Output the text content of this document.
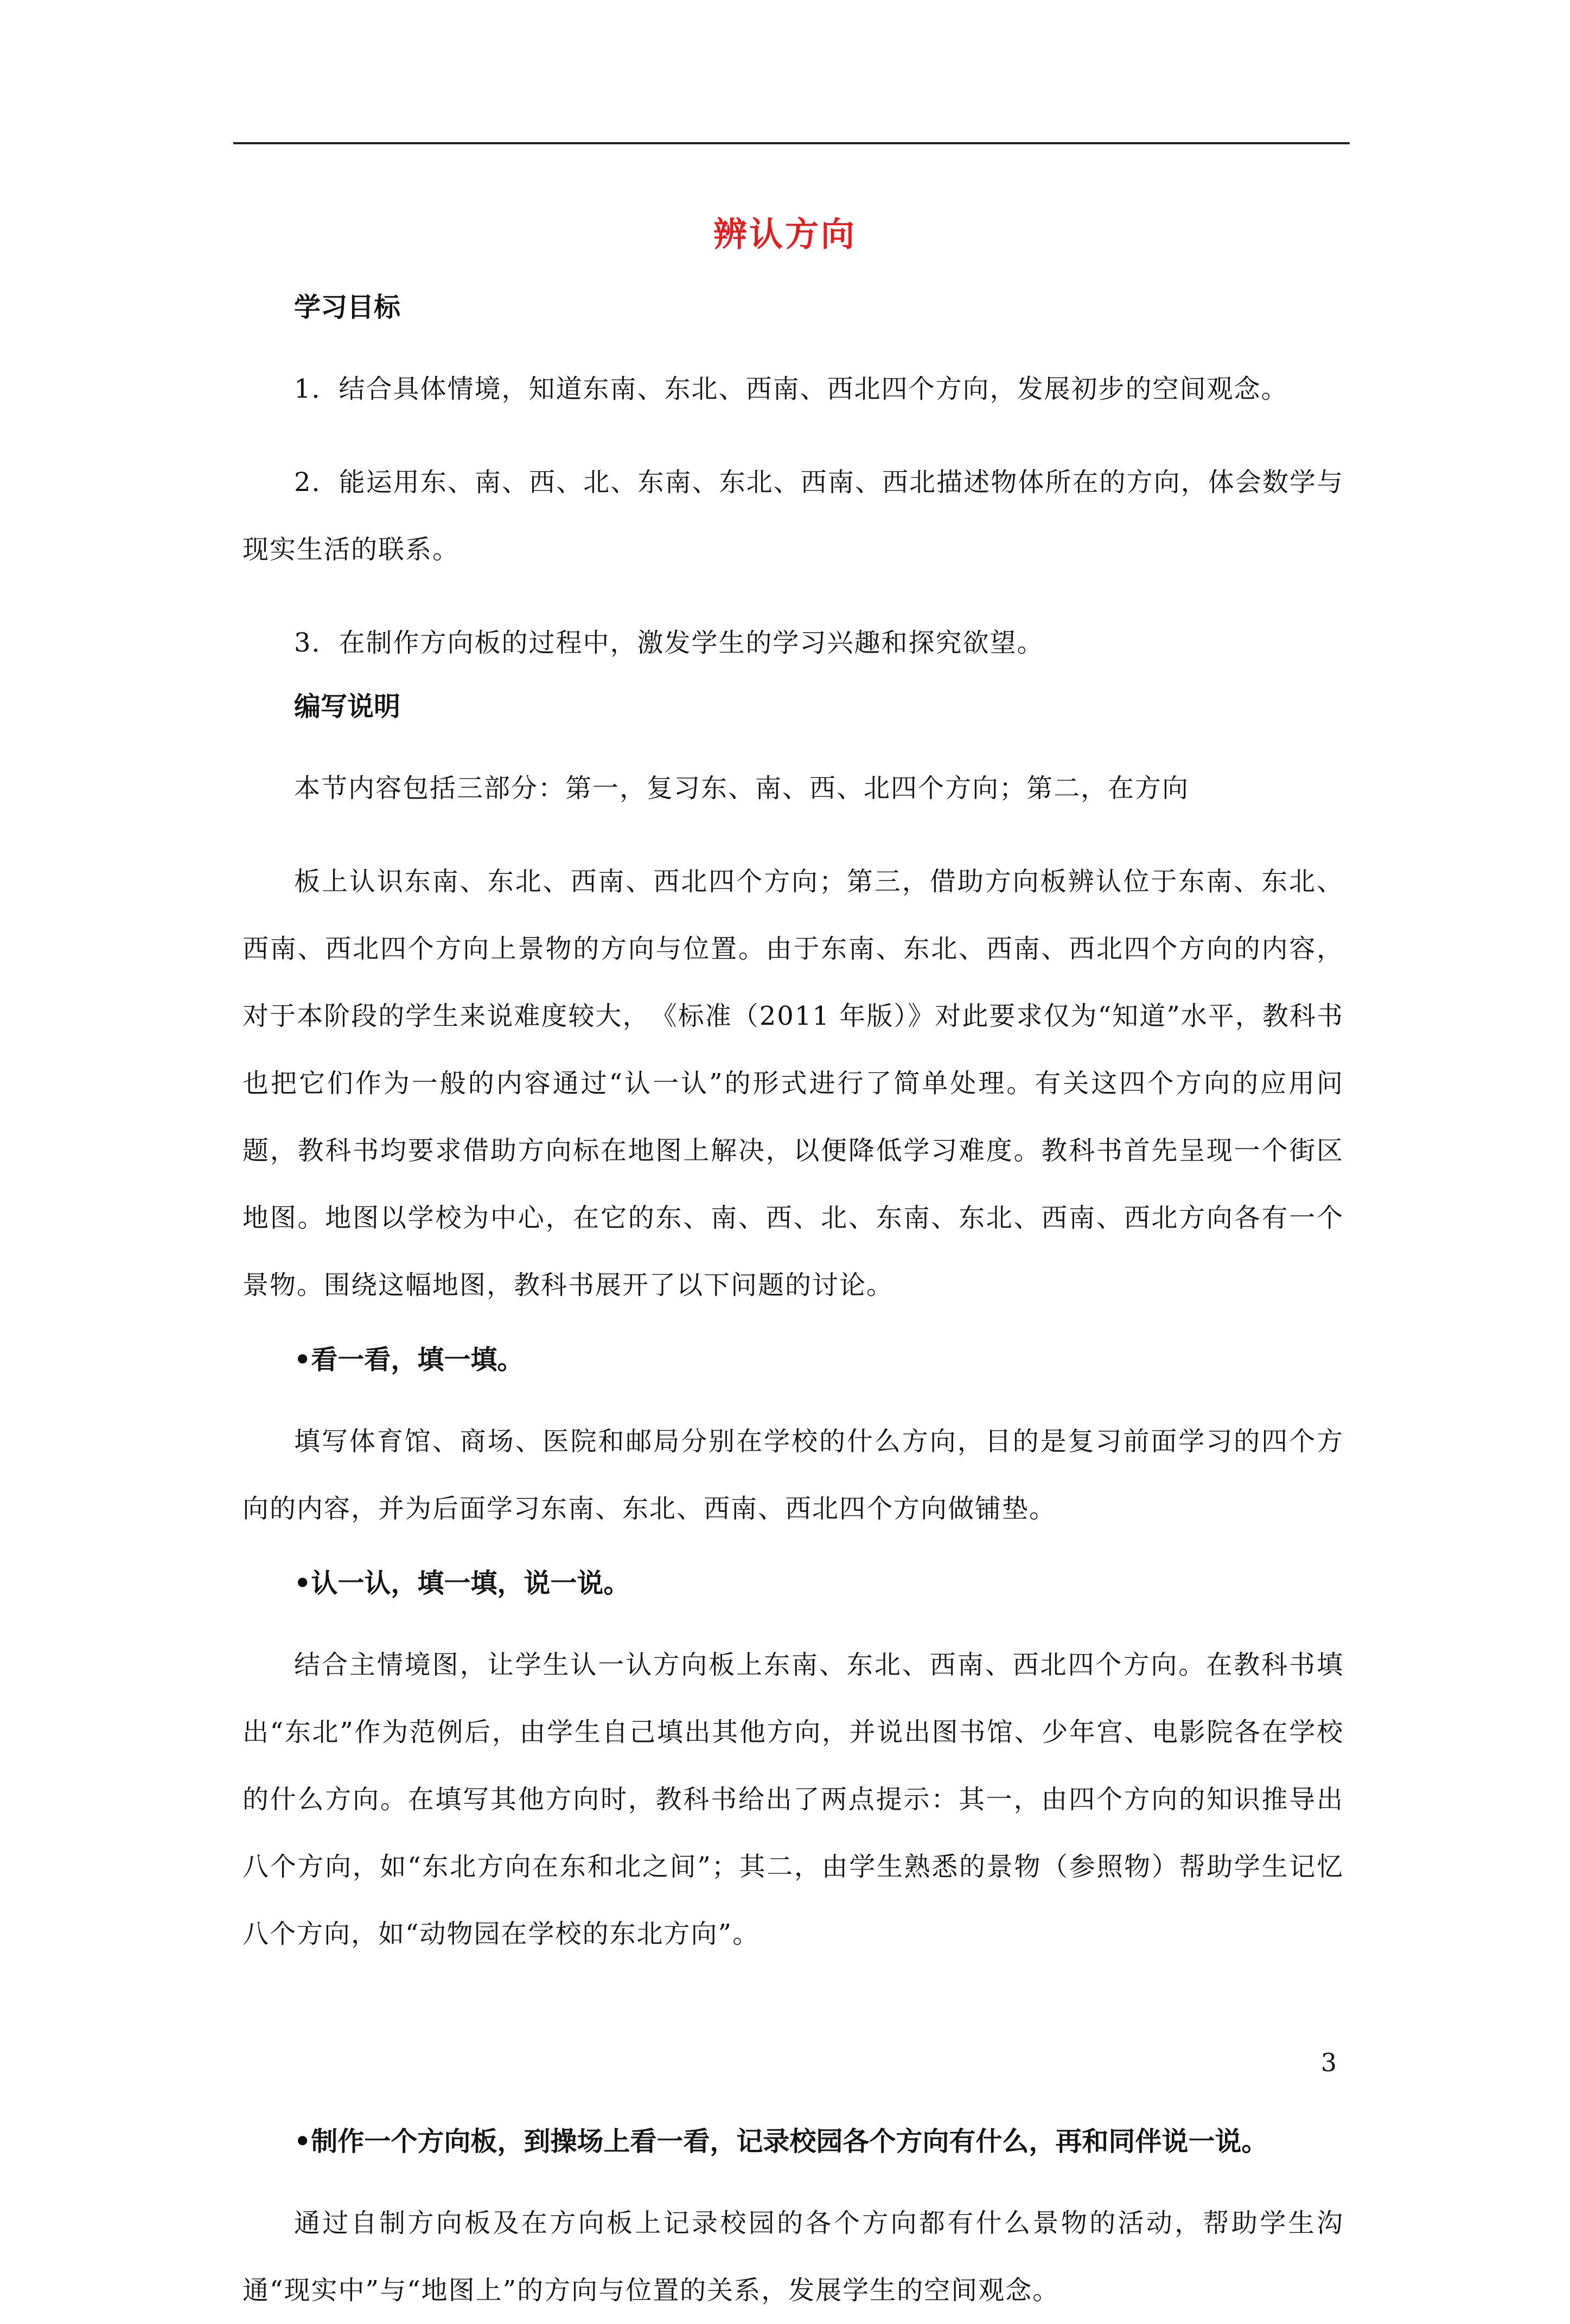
辨认方向
学习目标

1．结合具体情境，知道东南、东北、西南、西北四个方向，发展初步的空间观念。

2．能运用东、南、西、北、东南、东北、西南、西北描述物体所在的方向，体会数学与现实生活的联系。

3．在制作方向板的过程中，激发学生的学习兴趣和探究欲望。

编写说明

本节内容包括三部分：第一，复习东、南、西、北四个方向；第二，在方向

板上认识东南、东北、西南、西北四个方向；第三，借助方向板辨认位于东南、东北、西南、西北四个方向上景物的方向与位置。由于东南、东北、西南、西北四个方向的内容，对于本阶段的学生来说难度较大，　《标准（2011 年版）》对此要求仅为“知道”水平，教科书也把它们作为一般的内容通过“认一认”的形式进行了简单处理。有关这四个方向的应用问题，教科书均要求借助方向标在地图上解决，以便降低学习难度。教科书首先呈现一个街区地图。地图以学校为中心，在它的东、南、西、北、东南、东北、西南、西北方向各有一个景物。围绕这幅地图，教科书展开了以下问题的讨论。

•看一看，填一填。

填写体育馆、商场、医院和邮局分别在学校的什么方向，目的是复习前面学习的四个方向的内容，并为后面学习东南、东北、西南、西北四个方向做铺垫。

•认一认，填一填，说一说。

结合主情境图，让学生认一认方向板上东南、东北、西南、西北四个方向。在教科书填出“东北”作为范例后，由学生自己填出其他方向，并说出图书馆、少年宫、电影院各在学校的什么方向。在填写其他方向时，教科书给出了两点提示：其一，由四个方向的知识推导出八个方向，如“东北方向在东和北之间”；其二，由学生熟悉的景物（参照物）帮助学生记忆八个方向，如“动物园在学校的东北方向”。

•制作一个方向板，到操场上看一看，记录校园各个方向有什么，再和同伴说一说。

通过自制方向板及在方向板上记录校园的各个方向都有什么景物的活动，帮助学生沟通“现实中”与“地图上”的方向与位置的关系，发展学生的空间观念。

3
